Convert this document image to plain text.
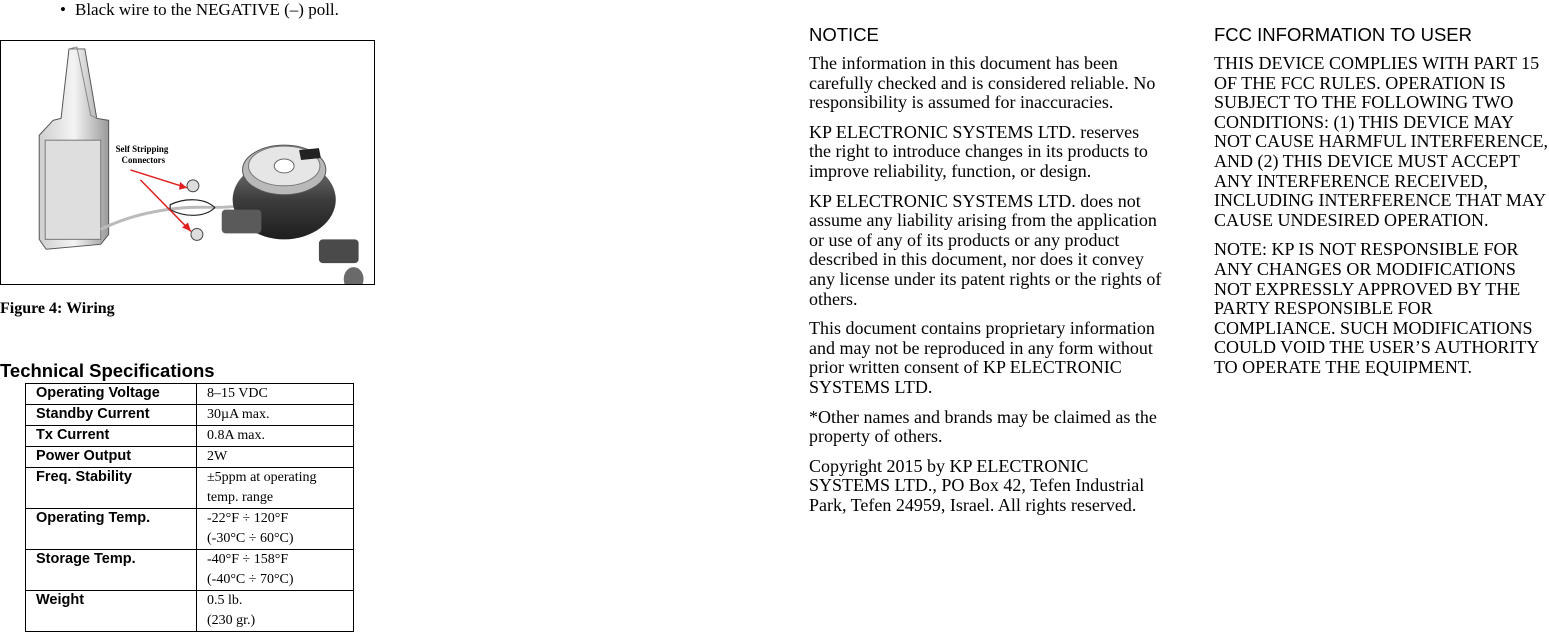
• Black wire to the NEGATIVE (–) poll.
Self Stripping
Connectors
Figure 4: Wiring
Technical Specifications
Operating Voltage	8–15 VDC
Standby Current	30µA max.
Tx Current	0.8A max.
Power Output	2W
Freq. Stability	±5ppm at operating
temp. range
Operating Temp.	-22°F ÷ 120°F
(-30°C ÷ 60°C)
Storage Temp.	-40°F ÷ 158°F
(-40°C ÷ 70°C)
Weight	0.5 lb.
(230 gr.)
NOTICE

The information in this document has been carefully checked and is considered reliable. No responsibility is assumed for inaccuracies.

KP ELECTRONIC SYSTEMS LTD. reserves the right to introduce changes in its products to improve reliability, function, or design.

KP ELECTRONIC SYSTEMS LTD. does not assume any liability arising from the application or use of any of its products or any product described in this document, nor does it convey any license under its patent rights or the rights of others.

This document contains proprietary information and may not be reproduced in any form without prior written consent of KP ELECTRONIC SYSTEMS LTD.

*Other names and brands may be claimed as the property of others.

Copyright 2015 by KP ELECTRONIC SYSTEMS LTD., PO Box 42, Tefen Industrial Park, Tefen 24959, Israel. All rights reserved.

FCC INFORMATION TO USER

THIS DEVICE COMPLIES WITH PART 15 OF THE FCC RULES. OPERATION IS SUBJECT TO THE FOLLOWING TWO CONDITIONS: (1) THIS DEVICE MAY NOT CAUSE HARMFUL INTERFERENCE, AND (2) THIS DEVICE MUST ACCEPT ANY INTERFERENCE RECEIVED, INCLUDING INTERFERENCE THAT MAY CAUSE UNDESIRED OPERATION.

NOTE: KP IS NOT RESPONSIBLE FOR ANY CHANGES OR MODIFICATIONS NOT EXPRESSLY APPROVED BY THE PARTY RESPONSIBLE FOR COMPLIANCE. SUCH MODIFICATIONS COULD VOID THE USER’S AUTHORITY TO OPERATE THE EQUIPMENT.
